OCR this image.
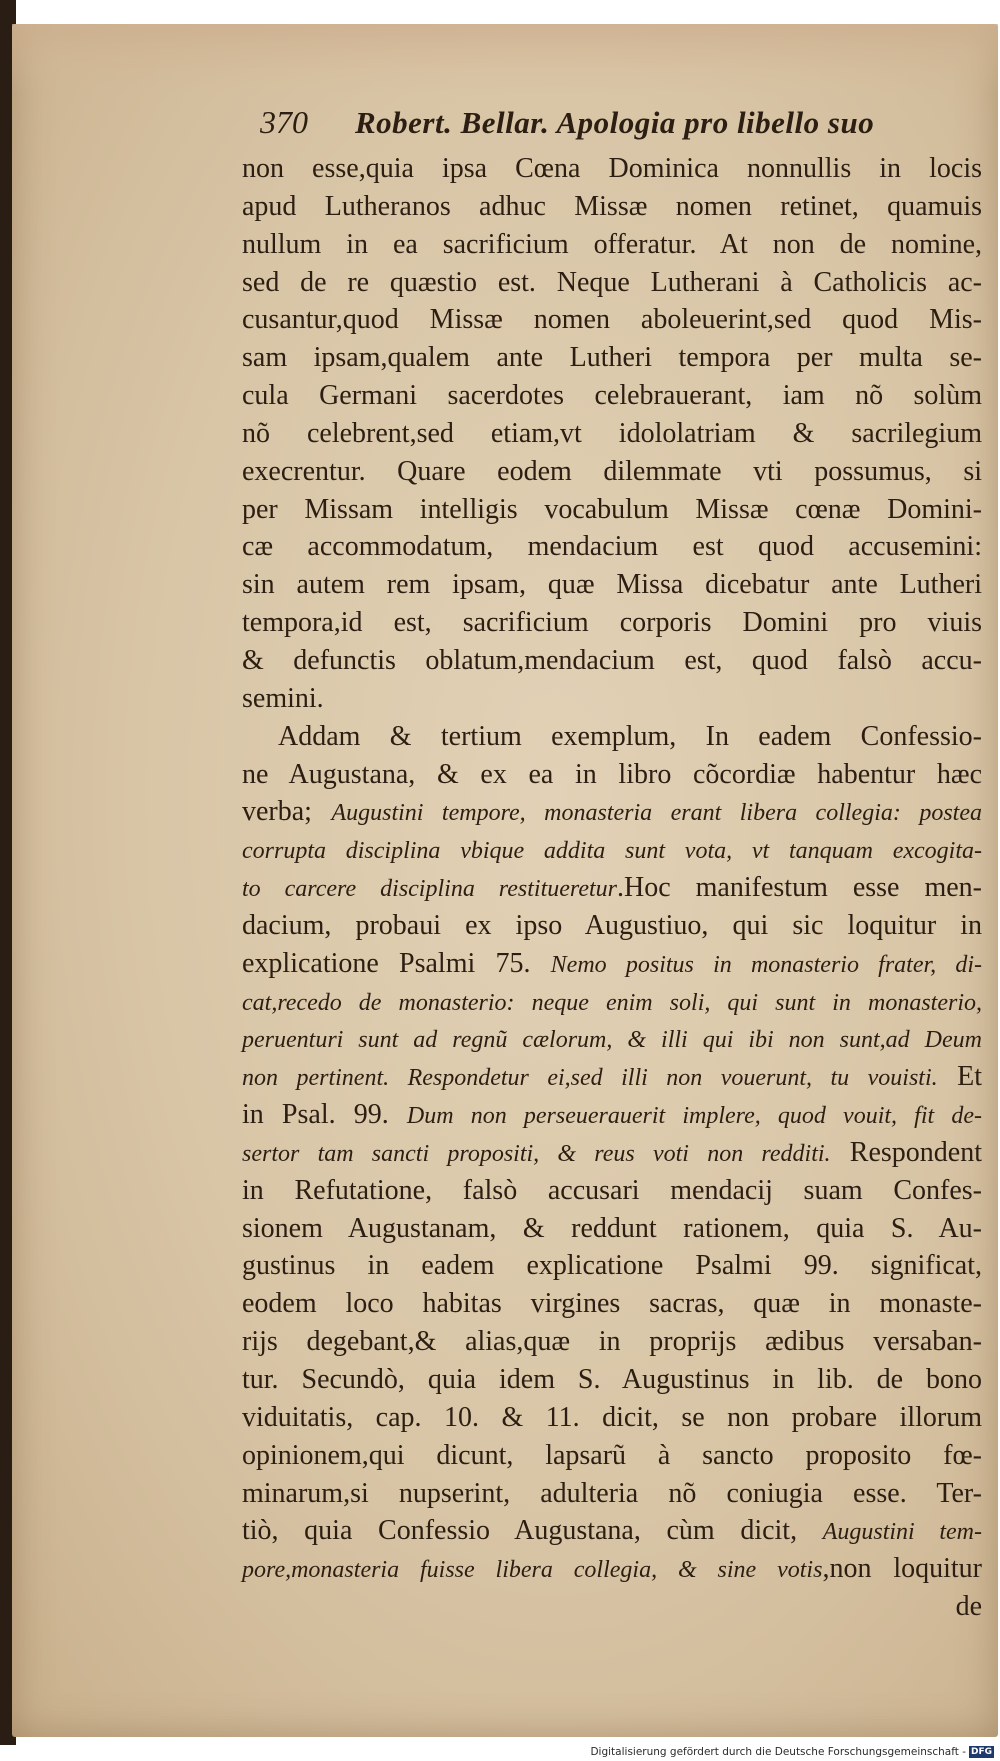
370 Robert. Bellar. Apologia pro libello suo
non esse,quia ipsa Cœna Dominica nonnullis in locis
apud Lutheranos adhuc Missæ nomen retinet, quamuis
nullum in ea sacrificium offeratur. At non de nomine,
sed de re quæstio est. Neque Lutherani à Catholicis ac-
cusantur,quod Missæ nomen aboleuerint,sed quod Mis-
sam ipsam,qualem ante Lutheri tempora per multa se-
cula Germani sacerdotes celebrauerant, iam nõ solùm
nõ celebrent,sed etiam,vt idololatriam & sacrilegium
execrentur. Quare eodem dilemmate vti possumus, si
per Missam intelligis vocabulum Missæ cœnæ Domini-
cæ accommodatum, mendacium est quod accusemini:
sin autem rem ipsam, quæ Missa dicebatur ante Lutheri
tempora,id est, sacrificium corporis Domini pro viuis
& defunctis oblatum,mendacium est, quod falsò accu-
semini.
Addam & tertium exemplum, In eadem Confessio-
ne Augustana, & ex ea in libro cõcordiæ habentur hæc
verba; Augustini tempore, monasteria erant libera collegia: postea
corrupta disciplina vbique addita sunt vota, vt tanquam excogita-
to carcere disciplina restitueretur.Hoc manifestum esse men-
dacium, probaui ex ipso Augustiuo, qui sic loquitur in
explicatione Psalmi 75. Nemo positus in monasterio frater, di-
cat,recedo de monasterio: neque enim soli, qui sunt in monasterio,
peruenturi sunt ad regnũ cælorum, & illi qui ibi non sunt,ad Deum
non pertinent. Respondetur ei,sed illi non vouerunt, tu vouisti. Et
in Psal. 99. Dum non perseuerauerit implere, quod vouit, fit de-
sertor tam sancti propositi, & reus voti non redditi. Respondent
in Refutatione, falsò accusari mendacij suam Confes-
sionem Augustanam, & reddunt rationem, quia S. Au-
gustinus in eadem explicatione Psalmi 99. significat,
eodem loco habitas virgines sacras, quæ in monaste-
rijs degebant,& alias,quæ in proprijs ædibus versaban-
tur. Secundò, quia idem S. Augustinus in lib. de bono
viduitatis, cap. 10. & 11. dicit, se non probare illorum
opinionem,qui dicunt, lapsarũ à sancto proposito fœ-
minarum,si nupserint, adulteria nõ coniugia esse. Ter-
tiò, quia Confessio Augustana, cùm dicit, Augustini tem-
pore,monasteria fuisse libera collegia, & sine votis,non loquitur
de
Digitalisierung gefördert durch die Deutsche Forschungsgemeinschaft - DFG
